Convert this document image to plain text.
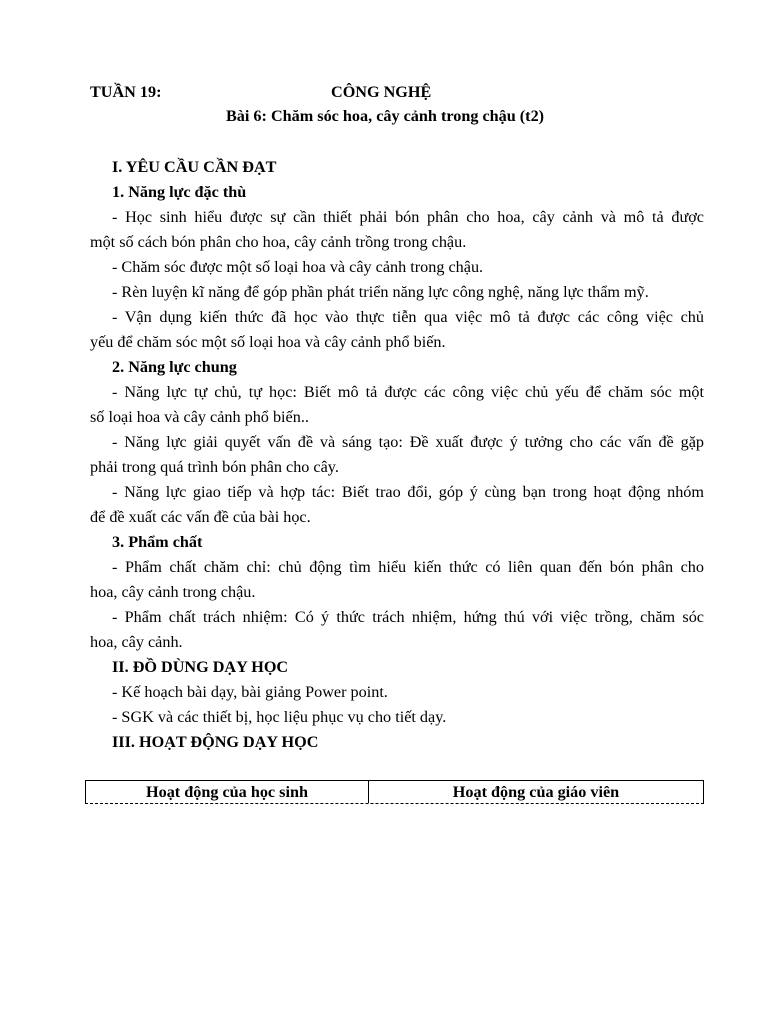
TUẦN 19:	CÔNG NGHỆ
Bài 6: Chăm sóc hoa, cây cảnh trong chậu (t2)
I. YÊU CẦU CẦN ĐẠT
1. Năng lực đặc thù
- Học sinh hiểu được sự cần thiết phải bón phân cho hoa, cây cảnh và mô tả được
một số cách bón phân cho hoa, cây cảnh trồng trong chậu.
- Chăm sóc được một số loại hoa và cây cảnh trong chậu.
- Rèn luyện kĩ năng để góp phần phát triển năng lực công nghệ, năng lực thẩm mỹ.
- Vận dụng kiến thức đã học vào thực tiễn qua việc mô tả được các công việc chủ
yếu để chăm sóc một số loại hoa và cây cảnh phổ biến.
2. Năng lực chung
- Năng lực tự chủ, tự học: Biết mô tả được các công việc chủ yếu để chăm sóc một
số loại hoa và cây cảnh phổ biến..
- Năng lực giải quyết vấn đề và sáng tạo: Đề xuất được ý tưởng cho các vấn đề gặp
phải trong quá trình bón phân cho cây.
- Năng lực giao tiếp và hợp tác: Biết trao đổi, góp ý cùng bạn trong hoạt động nhóm
để đề xuất các vấn đề của bài học.
3. Phẩm chất
- Phẩm chất chăm chỉ: chủ động tìm hiểu kiến thức có liên quan đến bón phân cho
hoa, cây cảnh trong chậu.
- Phẩm chất trách nhiệm: Có ý thức trách nhiệm, hứng thú với việc trồng, chăm sóc
hoa, cây cảnh.
II. ĐỒ DÙNG DẠY HỌC
- Kế hoạch bài dạy, bài giảng Power point.
- SGK và các thiết bị, học liệu phục vụ cho tiết dạy.
III. HOẠT ĐỘNG DẠY HỌC
Hoạt động của học sinh	Hoạt động của giáo viên
